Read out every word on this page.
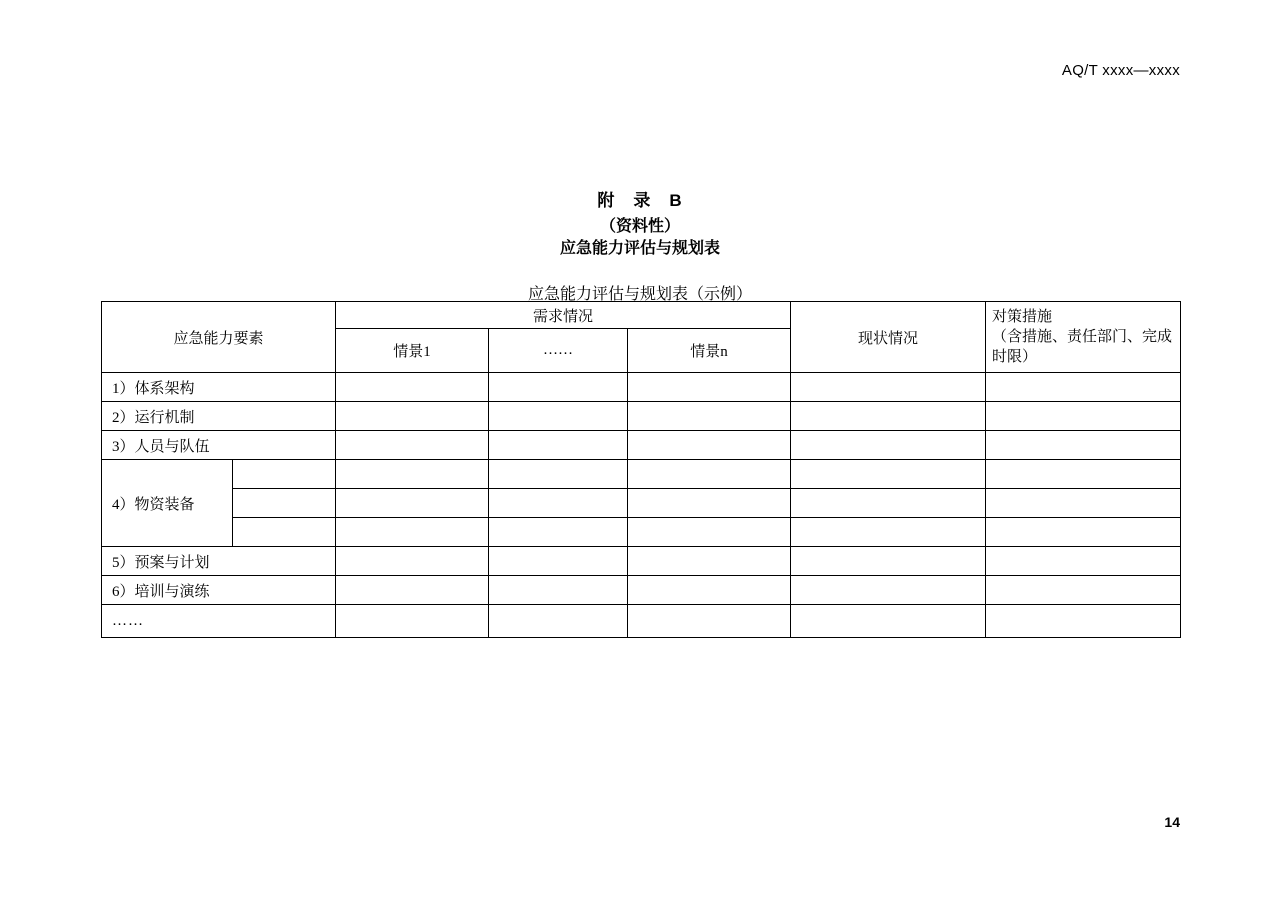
AQ/T xxxx—xxxx
附　录　B
（资料性）
应急能力评估与规划表
应急能力评估与规划表（示例）
应急能力要素		需求情况			现状情况	对策措施
（含措施、责任部门、完成时限）

		情景1	……	情景n		
1）体系架构						
2）运行机制						
3）人员与队伍						
4）物资装备						

5）预案与计划						
6）培训与演练						
……						
14
